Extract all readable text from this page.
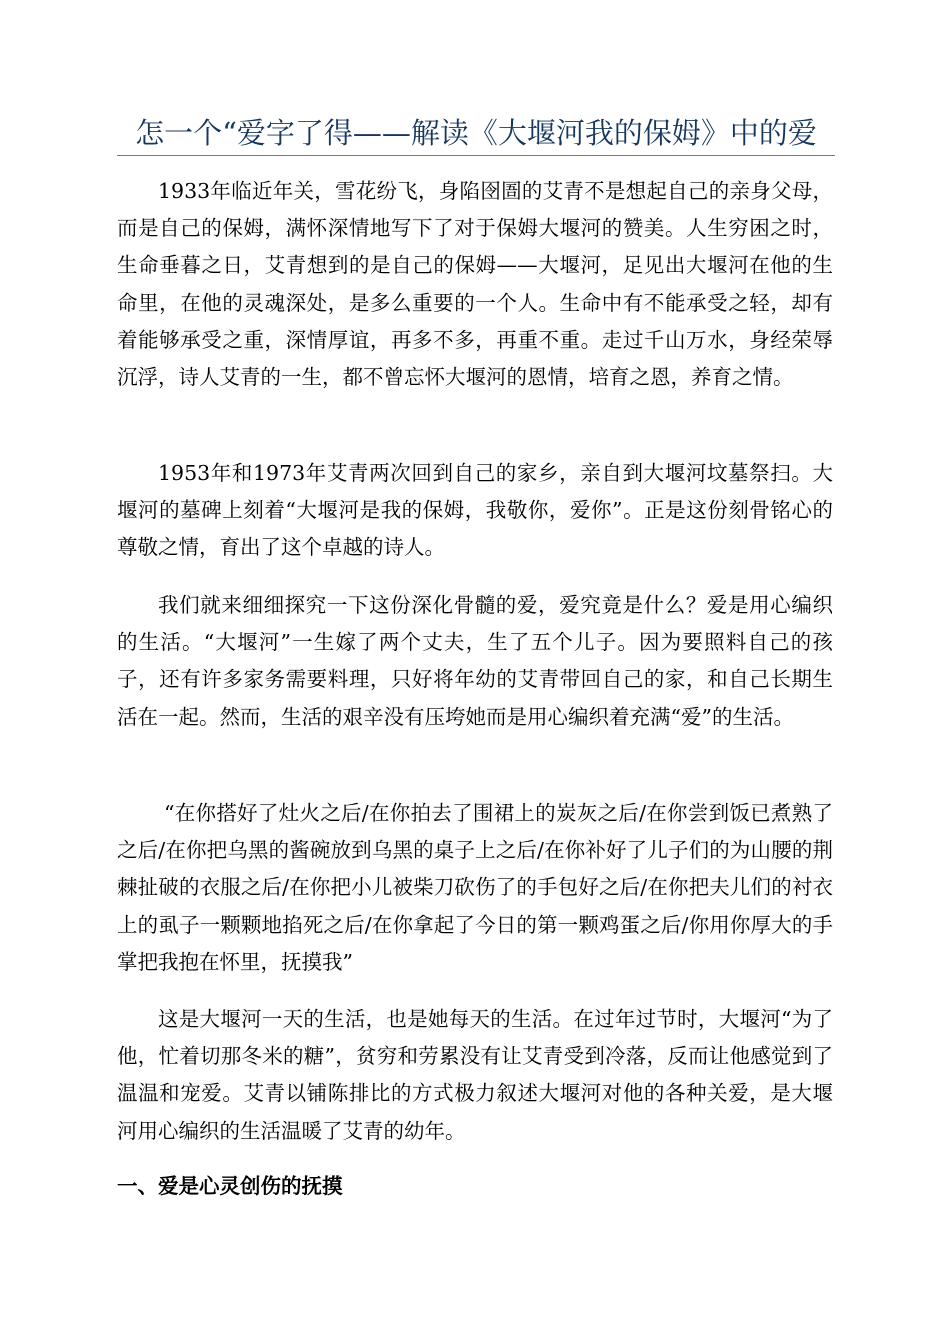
怎一个“爱字了得——解读《大堰河我的保姆》中的爱

1933年临近年关，雪花纷飞，身陷囹圄的艾青不是想起自己的亲身父母，而是自己的保姆，满怀深情地写下了对于保姆大堰河的赞美。人生穷困之时，生命垂暮之日，艾青想到的是自己的保姆——大堰河，足见出大堰河在他的生命里，在他的灵魂深处，是多么重要的一个人。生命中有不能承受之轻，却有着能够承受之重，深情厚谊，再多不多，再重不重。走过千山万水，身经荣辱沉浮，诗人艾青的一生，都不曾忘怀大堰河的恩情，培育之恩，养育之情。

1953年和1973年艾青两次回到自己的家乡，亲自到大堰河坟墓祭扫。大堰河的墓碑上刻着“大堰河是我的保姆，我敬你，爱你”。正是这份刻骨铭心的尊敬之情，育出了这个卓越的诗人。

我们就来细细探究一下这份深化骨髓的爱，爱究竟是什么？爱是用心编织的生活。“大堰河”一生嫁了两个丈夫，生了五个儿子。因为要照料自己的孩子，还有许多家务需要料理，只好将年幼的艾青带回自己的家，和自己长期生活在一起。然而，生活的艰辛没有压垮她而是用心编织着充满“爱”的生活。

“在你搭好了灶火之后/在你拍去了围裙上的炭灰之后/在你尝到饭已煮熟了之后/在你把乌黑的酱碗放到乌黑的桌子上之后/在你补好了儿子们的为山腰的荆棘扯破的衣服之后/在你把小儿被柴刀砍伤了的手包好之后/在你把夫儿们的衬衣上的虱子一颗颗地掐死之后/在你拿起了今日的第一颗鸡蛋之后/你用你厚大的手掌把我抱在怀里，抚摸我”

这是大堰河一天的生活，也是她每天的生活。在过年过节时，大堰河“为了他，忙着切那冬米的糖”，贫穷和劳累没有让艾青受到冷落，反而让他感觉到了温温和宠爱。艾青以铺陈排比的方式极力叙述大堰河对他的各种关爱，是大堰河用心编织的生活温暖了艾青的幼年。

一、爱是心灵创伤的抚摸
